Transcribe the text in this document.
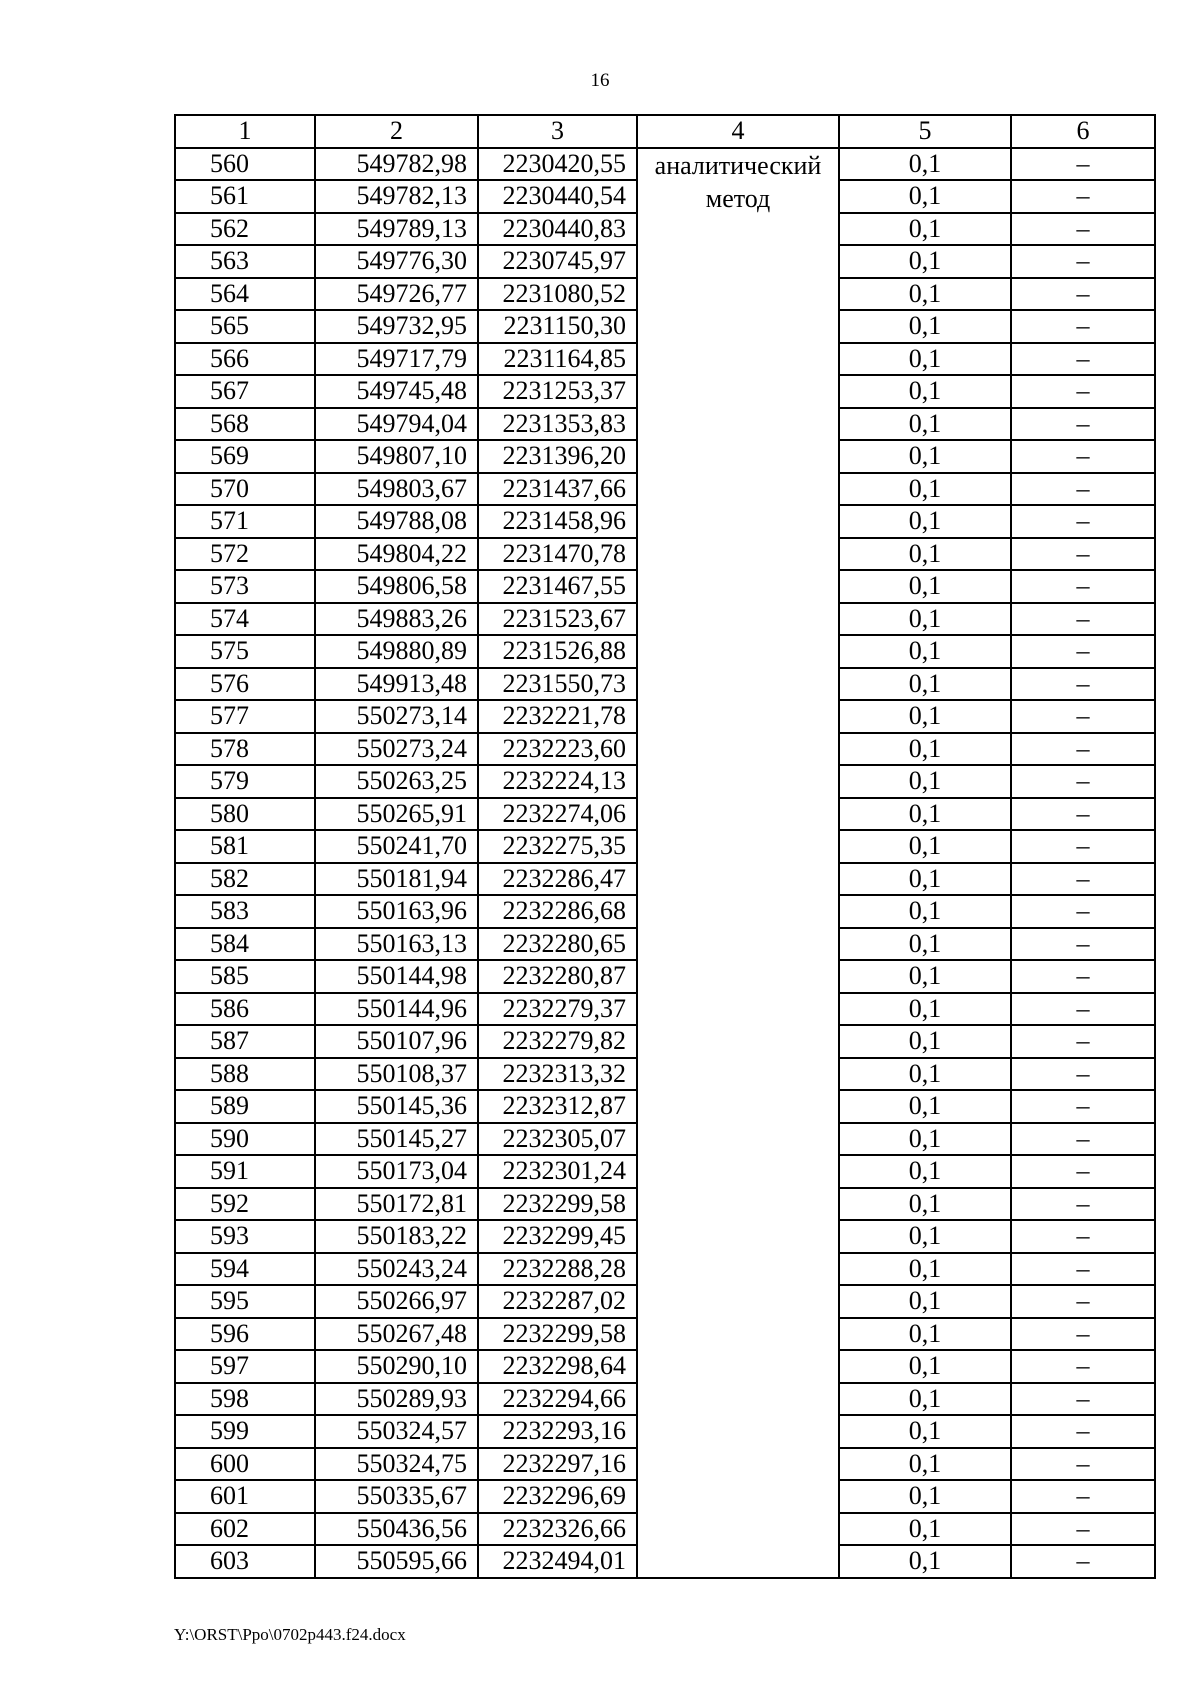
16
1	2	3	4	5	6
560	549782,98	2230420,55	аналитический метод	0,1	–
561	549782,13	2230440,54		0,1	–
562	549789,13	2230440,83		0,1	–
563	549776,30	2230745,97		0,1	–
564	549726,77	2231080,52		0,1	–
565	549732,95	2231150,30		0,1	–
566	549717,79	2231164,85		0,1	–
567	549745,48	2231253,37		0,1	–
568	549794,04	2231353,83		0,1	–
569	549807,10	2231396,20		0,1	–
570	549803,67	2231437,66		0,1	–
571	549788,08	2231458,96		0,1	–
572	549804,22	2231470,78		0,1	–
573	549806,58	2231467,55		0,1	–
574	549883,26	2231523,67		0,1	–
575	549880,89	2231526,88		0,1	–
576	549913,48	2231550,73		0,1	–
577	550273,14	2232221,78		0,1	–
578	550273,24	2232223,60		0,1	–
579	550263,25	2232224,13		0,1	–
580	550265,91	2232274,06		0,1	–
581	550241,70	2232275,35		0,1	–
582	550181,94	2232286,47		0,1	–
583	550163,96	2232286,68		0,1	–
584	550163,13	2232280,65		0,1	–
585	550144,98	2232280,87		0,1	–
586	550144,96	2232279,37		0,1	–
587	550107,96	2232279,82		0,1	–
588	550108,37	2232313,32		0,1	–
589	550145,36	2232312,87		0,1	–
590	550145,27	2232305,07		0,1	–
591	550173,04	2232301,24		0,1	–
592	550172,81	2232299,58		0,1	–
593	550183,22	2232299,45		0,1	–
594	550243,24	2232288,28		0,1	–
595	550266,97	2232287,02		0,1	–
596	550267,48	2232299,58		0,1	–
597	550290,10	2232298,64		0,1	–
598	550289,93	2232294,66		0,1	–
599	550324,57	2232293,16		0,1	–
600	550324,75	2232297,16		0,1	–
601	550335,67	2232296,69		0,1	–
602	550436,56	2232326,66		0,1	–
603	550595,66	2232494,01		0,1	–
Y:\ORST\Ppo\0702p443.f24.docx
